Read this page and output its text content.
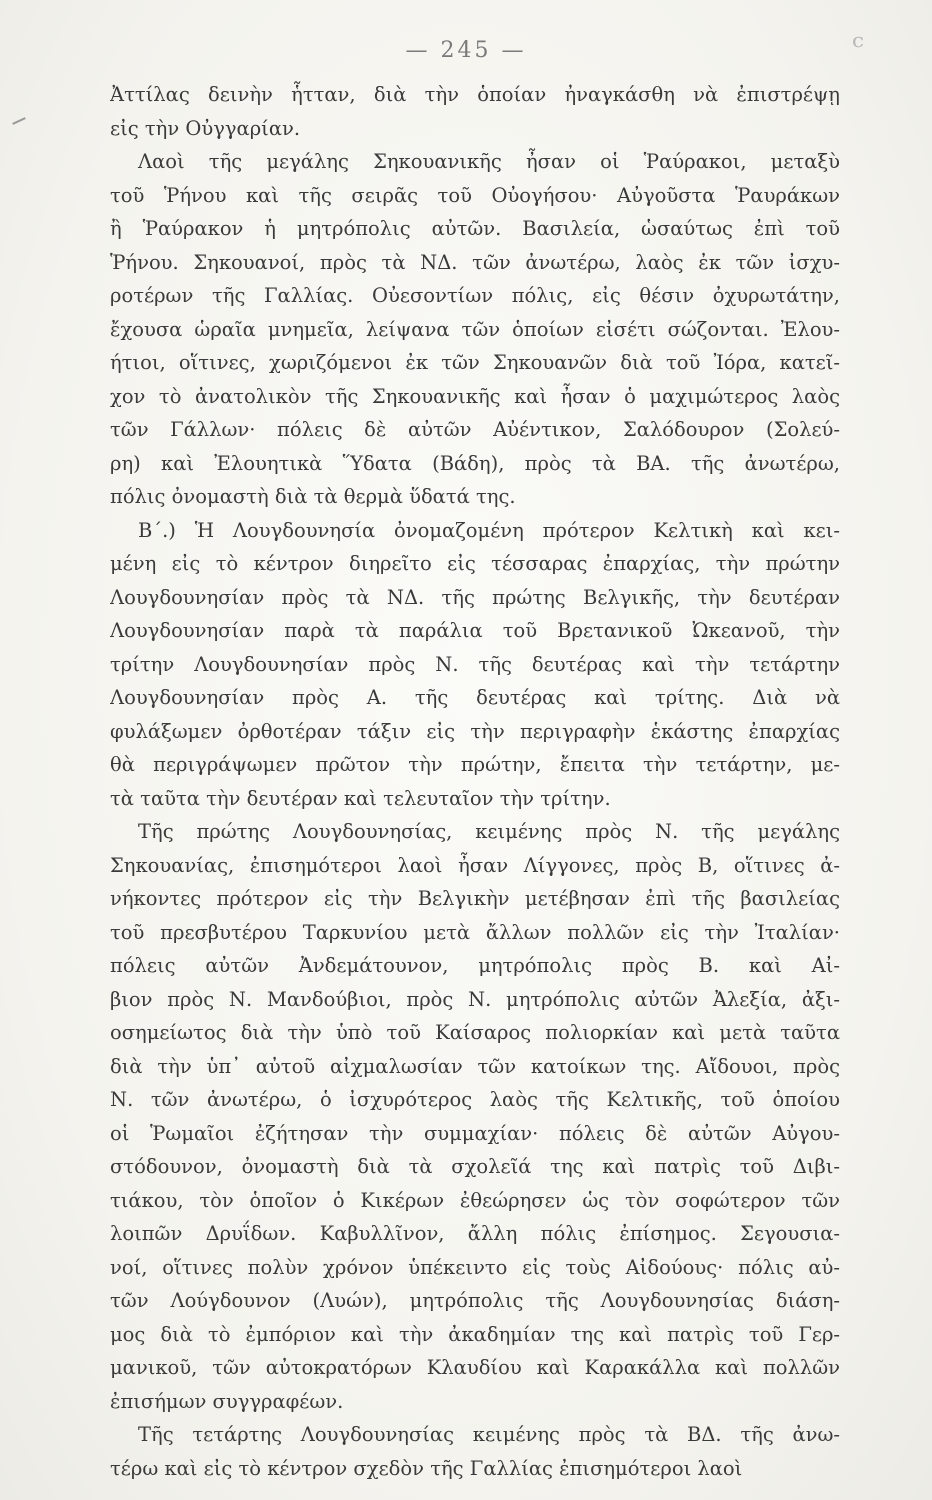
— 245 —	ᶜ
Ἀττίλας δεινὴν ἧτταν, διὰ τὴν ὁποίαν ἠναγκάσθη νὰ ἐπιστρέψῃ
εἰς τὴν Οὐγγαρίαν.
Λαοὶ τῆς μεγάλης Σηκουανικῆς ἦσαν οἱ Ῥαύρακοι, μεταξὺ
τοῦ Ῥήνου καὶ τῆς σειρᾶς τοῦ Οὐογήσου· Αὐγοῦστα Ῥαυράκων
ἢ Ῥαύρακον ἡ μητρόπολις αὐτῶν. Βασιλεία, ὡσαύτως ἐπὶ τοῦ
Ῥήνου. Σηκουανοί, πρὸς τὰ ΝΔ. τῶν ἀνωτέρω, λαὸς ἐκ τῶν ἰσχυ-
ροτέρων τῆς Γαλλίας. Οὐεσοντίων πόλις, εἰς θέσιν ὀχυρωτάτην,
ἔχουσα ὡραῖα μνημεῖα, λείψανα τῶν ὁποίων εἰσέτι σώζονται. Ἐλου-
ήτιοι, οἵτινες, χωριζόμενοι ἐκ τῶν Σηκουανῶν διὰ τοῦ Ἰόρα, κατεῖ-
χον τὸ ἀνατολικὸν τῆς Σηκουανικῆς καὶ ἦσαν ὁ μαχιμώτερος λαὸς
τῶν Γάλλων· πόλεις δὲ αὐτῶν Αὐέντικον, Σαλόδουρον (Σολεύ-
ρη) καὶ Ἐλουητικὰ Ὕδατα (Βάδη), πρὸς τὰ ΒΑ. τῆς ἀνωτέρω,
πόλις ὀνομαστὴ διὰ τὰ θερμὰ ὕδατά της.
Β΄.) Ἡ Λουγδουνησία ὀνομαζομένη πρότερον Κελτικὴ καὶ κει-
μένη εἰς τὸ κέντρον διηρεῖτο εἰς τέσσαρας ἐπαρχίας, τὴν πρώτην
Λουγδουνησίαν πρὸς τὰ ΝΔ. τῆς πρώτης Βελγικῆς, τὴν δευτέραν
Λουγδουνησίαν παρὰ τὰ παράλια τοῦ Βρετανικοῦ Ὠκεανοῦ, τὴν
τρίτην Λουγδουνησίαν πρὸς Ν. τῆς δευτέρας καὶ τὴν τετάρτην
Λουγδουνησίαν πρὸς Α. τῆς δευτέρας καὶ τρίτης. Διὰ νὰ
φυλάξωμεν ὀρθοτέραν τάξιν εἰς τὴν περιγραφὴν ἑκάστης ἐπαρχίας
θὰ περιγράψωμεν πρῶτον τὴν πρώτην, ἔπειτα τὴν τετάρτην, με-
τὰ ταῦτα τὴν δευτέραν καὶ τελευταῖον τὴν τρίτην.
Τῆς πρώτης Λουγδουνησίας, κειμένης πρὸς Ν. τῆς μεγάλης
Σηκουανίας, ἐπισημότεροι λαοὶ ἦσαν Λίγγονες, πρὸς Β, οἵτινες ἀ-
νήκοντες πρότερον εἰς τὴν Βελγικὴν μετέβησαν ἐπὶ τῆς βασιλείας
τοῦ πρεσβυτέρου Ταρκυνίου μετὰ ἄλλων πολλῶν εἰς τὴν Ἰταλίαν·
πόλεις αὐτῶν Ἀνδεμάτουνον, μητρόπολις πρὸς Β. καὶ Αἰ-
βιον πρὸς Ν. Μανδούβιοι, πρὸς Ν. μητρόπολις αὐτῶν Ἀλεξία, ἀξι-
οσημείωτος διὰ τὴν ὑπὸ τοῦ Καίσαρος πολιορκίαν καὶ μετὰ ταῦτα
διὰ τὴν ὑπ᾽ αὐτοῦ αἰχμαλωσίαν τῶν κατοίκων της. Αἴδουοι, πρὸς
Ν. τῶν ἀνωτέρω, ὁ ἰσχυρότερος λαὸς τῆς Κελτικῆς, τοῦ ὁποίου
οἱ Ῥωμαῖοι ἐζήτησαν τὴν συμμαχίαν· πόλεις δὲ αὐτῶν Αὐγου-
στόδουνον, ὀνομαστὴ διὰ τὰ σχολεῖά της καὶ πατρὶς τοῦ Διβι-
τιάκου, τὸν ὁποῖον ὁ Κικέρων ἐθεώρησεν ὡς τὸν σοφώτερον τῶν
λοιπῶν Δρυΐδων. Καβυλλῖνον, ἄλλη πόλις ἐπίσημος. Σεγουσια-
νοί, οἵτινες πολὺν χρόνον ὑπέκειντο εἰς τοὺς Αἰδούους· πόλις αὐ-
τῶν Λούγδουνον (Λυών), μητρόπολις τῆς Λουγδουνησίας διάση-
μος διὰ τὸ ἐμπόριον καὶ τὴν ἀκαδημίαν της καὶ πατρὶς τοῦ Γερ-
μανικοῦ, τῶν αὐτοκρατόρων Κλαυδίου καὶ Καρακάλλα καὶ πολλῶν
ἐπισήμων συγγραφέων.
Τῆς τετάρτης Λουγδουνησίας κειμένης πρὸς τὰ ΒΔ. τῆς ἀνω-
τέρω καὶ εἰς τὸ κέντρον σχεδὸν τῆς Γαλλίας ἐπισημότεροι λαοὶ
